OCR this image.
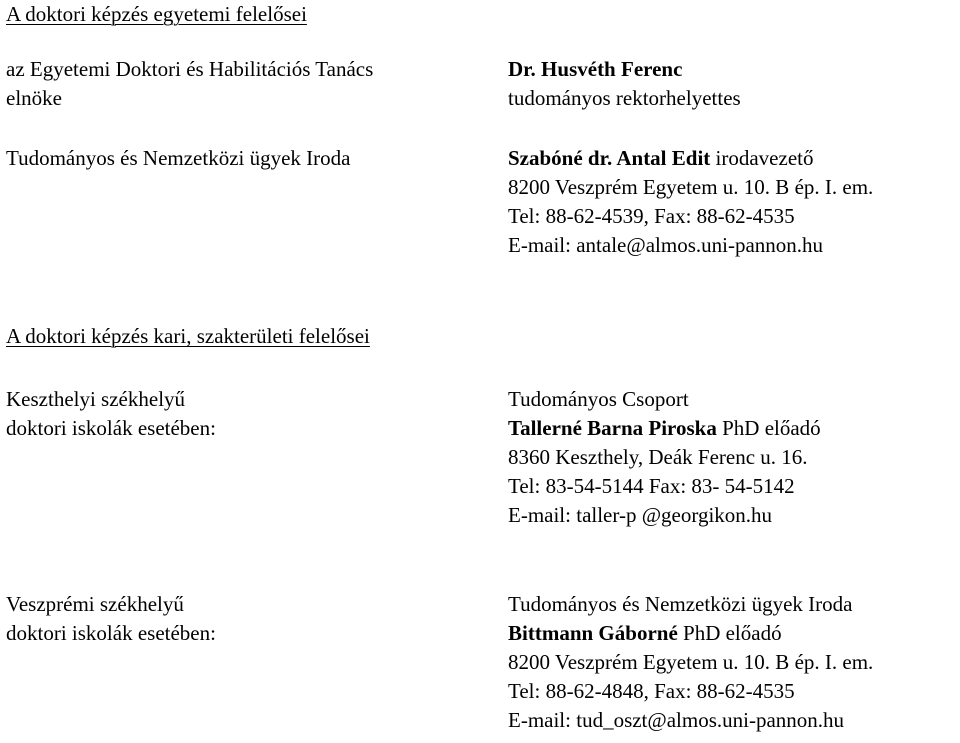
A doktori képzés egyetemi felelősei
az Egyetemi Doktori és Habilitációs Tanács
elnöke
Dr. Husvéth Ferenc
tudományos rektorhelyettes
Tudományos és Nemzetközi ügyek Iroda	Szabóné dr. Antal Edit irodavezető
8200 Veszprém Egyetem u. 10. B ép. I. em.
Tel: 88-62-4539, Fax: 88-62-4535
E-mail: antale@almos.uni-pannon.hu
A doktori képzés kari, szakterületi felelősei
Keszthelyi székhelyű
doktori iskolák esetében:
Tudományos Csoport
Tallerné Barna Piroska PhD előadó
8360 Keszthely, Deák Ferenc u. 16.
Tel: 83-54-5144 Fax: 83- 54-5142
E-mail: taller-p @georgikon.hu
Veszprémi székhelyű
doktori iskolák esetében:
Tudományos és Nemzetközi ügyek Iroda
Bittmann Gáborné PhD előadó
8200 Veszprém Egyetem u. 10. B ép. I. em.
Tel: 88-62-4848, Fax: 88-62-4535
E-mail: tud_oszt@almos.uni-pannon.hu
